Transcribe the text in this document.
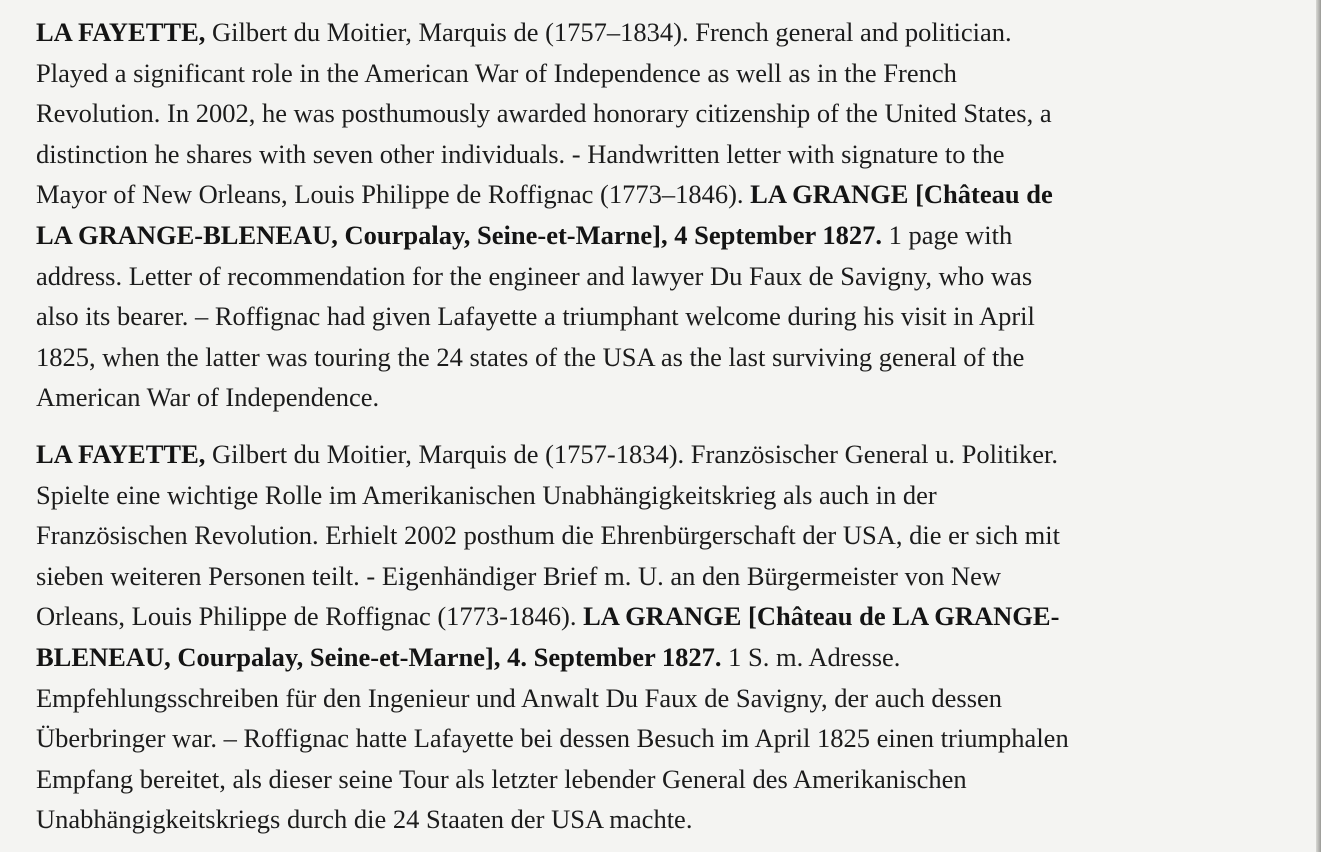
LA FAYETTE, Gilbert du Moitier, Marquis de (1757–1834). French general and politician.
Played a significant role in the American War of Independence as well as in the French
Revolution. In 2002, he was posthumously awarded honorary citizenship of the United States, a
distinction he shares with seven other individuals. - Handwritten letter with signature to the
Mayor of New Orleans, Louis Philippe de Roffignac (1773–1846). LA GRANGE [Château de
LA GRANGE-BLENEAU, Courpalay, Seine-et-Marne], 4 September 1827. 1 page with
address. Letter of recommendation for the engineer and lawyer Du Faux de Savigny, who was
also its bearer. – Roffignac had given Lafayette a triumphant welcome during his visit in April
1825, when the latter was touring the 24 states of the USA as the last surviving general of the
American War of Independence.
LA FAYETTE, Gilbert du Moitier, Marquis de (1757-1834). Französischer General u. Politiker.
Spielte eine wichtige Rolle im Amerikanischen Unabhängigkeitskrieg als auch in der
Französischen Revolution. Erhielt 2002 posthum die Ehrenbürgerschaft der USA, die er sich mit
sieben weiteren Personen teilt. - Eigenhändiger Brief m. U. an den Bürgermeister von New
Orleans, Louis Philippe de Roffignac (1773-1846). LA GRANGE [Château de LA GRANGE-
BLENEAU, Courpalay, Seine-et-Marne], 4. September 1827. 1 S. m. Adresse.
Empfehlungsschreiben für den Ingenieur und Anwalt Du Faux de Savigny, der auch dessen
Überbringer war. – Roffignac hatte Lafayette bei dessen Besuch im April 1825 einen triumphalen
Empfang bereitet, als dieser seine Tour als letzter lebender General des Amerikanischen
Unabhängigkeitskriegs durch die 24 Staaten der USA machte.
